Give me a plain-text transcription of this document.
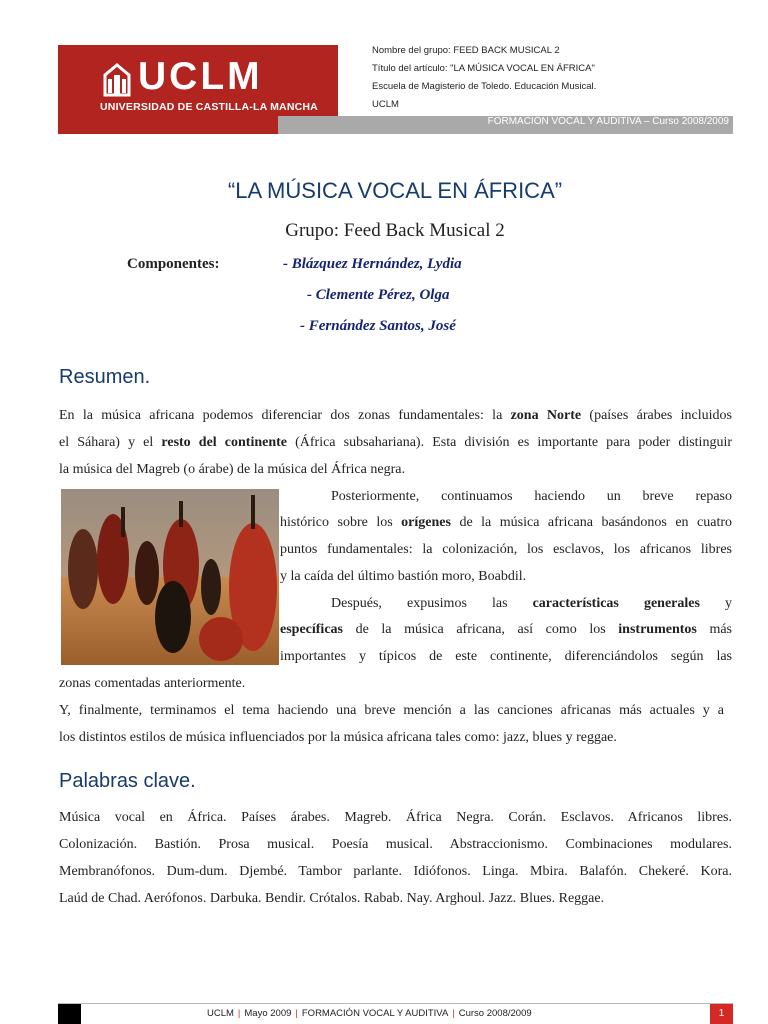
UCLM
UNIVERSIDAD DE CASTILLA-LA MANCHA
Nombre del grupo: FEED BACK MUSICAL 2
Título del artículo: "LA MÚSICA VOCAL EN ÁFRICA"
Escuela de Magisterio de Toledo. Educación Musical.
UCLM
FORMACIÓN VOCAL Y AUDITIVA – Curso 2008/2009
“LA MÚSICA VOCAL EN ÁFRICA”
Grupo: Feed Back Musical 2
Componentes:	- Blázquez Hernández, Lydia
- Clemente Pérez, Olga
- Fernández Santos, José
Resumen.
En la música africana podemos diferenciar dos zonas fundamentales: la zona Norte (países árabes incluidos
el Sáhara) y el resto del continente (África subsahariana). Esta división es importante para poder distinguir
la música del Magreb (o árabe) de la música del África negra.
Posteriormente, continuamos haciendo un breve repaso
histórico sobre los orígenes de la música africana basándonos en cuatro
puntos fundamentales: la colonización, los esclavos, los africanos libres
y la caída del último bastión moro, Boabdil.
Después, expusimos las características generales y
específicas de la música africana, así como los instrumentos más
importantes y típicos de este continente, diferenciándolos según las
zonas comentadas anteriormente.
Y, finalmente, terminamos el tema haciendo una breve mención a las canciones africanas más actuales y a
los distintos estilos de música influenciados por la música africana tales como: jazz, blues y reggae.
Palabras clave.
Música vocal en África. Países árabes. Magreb. África Negra. Corán. Esclavos. Africanos libres.
Colonización. Bastión. Prosa musical. Poesía musical. Abstraccionismo. Combinaciones modulares.
Membranófonos. Dum-dum. Djembé. Tambor parlante. Idiófonos. Linga. Mbira. Balafón. Chekeré. Kora.
Laúd de Chad. Aerófonos. Darbuka. Bendir. Crótalos. Rabab. Nay. Arghoul. Jazz. Blues. Reggae.
UCLM | Mayo 2009 | FORMACIÓN VOCAL Y AUDITIVA | Curso 2008/2009	1
